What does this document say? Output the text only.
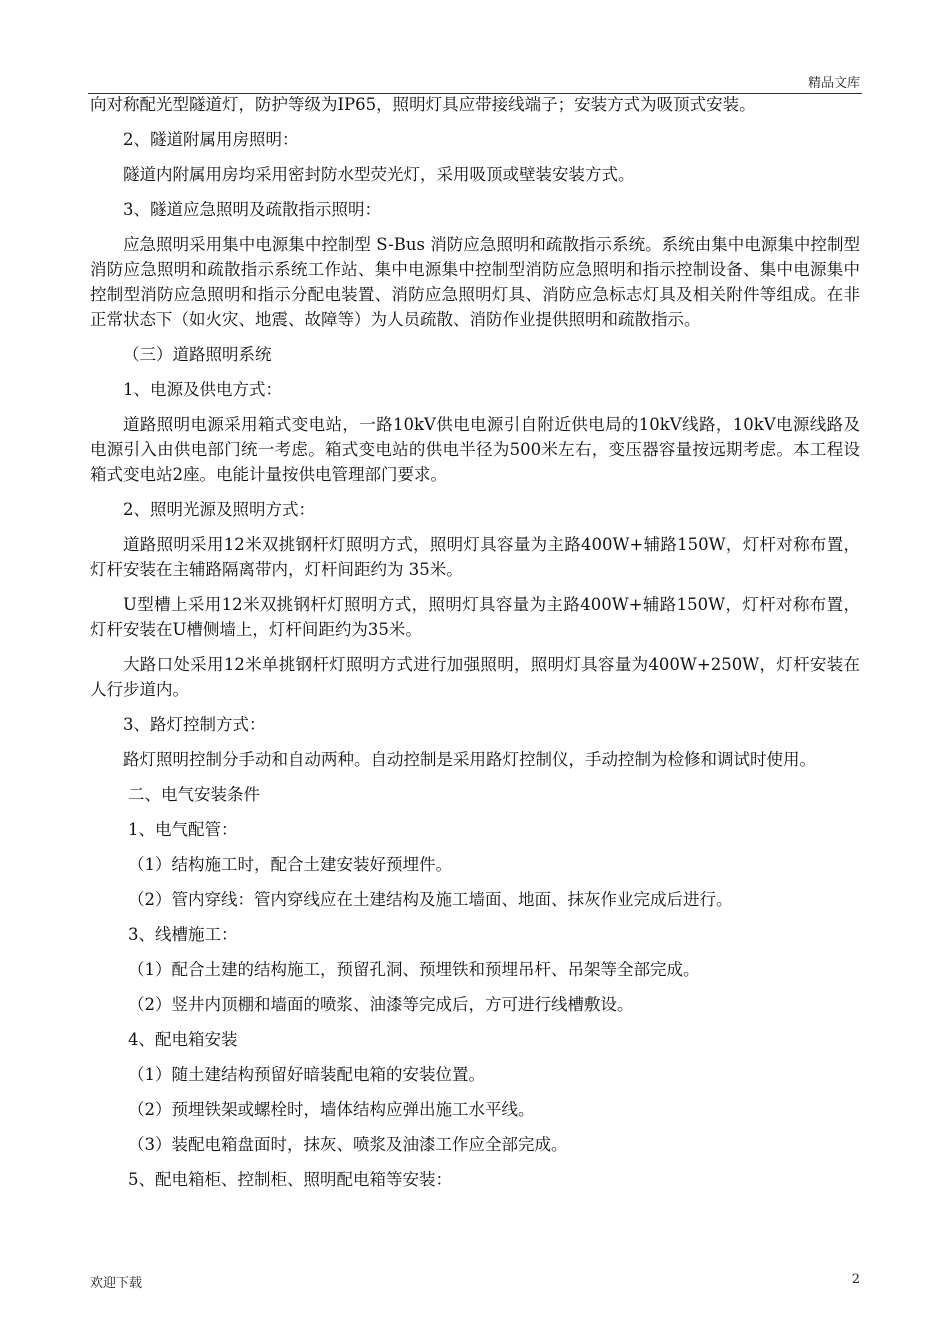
精品文库

向对称配光型隧道灯，防护等级为IP65，照明灯具应带接线端子；安装方式为吸顶式安装。

2、隧道附属用房照明：

隧道内附属用房均采用密封防水型荧光灯，采用吸顶或壁装安装方式。

3、隧道应急照明及疏散指示照明：

应急照明采用集中电源集中控制型 S-Bus 消防应急照明和疏散指示系统。系统由集中电源集中控制型消防应急照明和疏散指示系统工作站、集中电源集中控制型消防应急照明和指示控制设备、集中电源集中控制型消防应急照明和指示分配电装置、消防应急照明灯具、消防应急标志灯具及相关附件等组成。在非正常状态下（如火灾、地震、故障等）为人员疏散、消防作业提供照明和疏散指示。

（三）道路照明系统

1、电源及供电方式：

道路照明电源采用箱式变电站，一路10kV供电电源引自附近供电局的10kV线路，10kV电源线路及电源引入由供电部门统一考虑。箱式变电站的供电半径为500米左右，变压器容量按远期考虑。本工程设箱式变电站2座。电能计量按供电管理部门要求。

2、照明光源及照明方式：

道路照明采用12米双挑钢杆灯照明方式，照明灯具容量为主路400W+辅路150W，灯杆对称布置，灯杆安装在主辅路隔离带内，灯杆间距约为 35米。

U型槽上采用12米双挑钢杆灯照明方式，照明灯具容量为主路400W+辅路150W，灯杆对称布置，灯杆安装在U槽侧墙上，灯杆间距约为35米。

大路口处采用12米单挑钢杆灯照明方式进行加强照明，照明灯具容量为400W+250W，灯杆安装在人行步道内。

3、路灯控制方式：

路灯照明控制分手动和自动两种。自动控制是采用路灯控制仪，手动控制为检修和调试时使用。

二、电气安装条件

1、电气配管：

（1）结构施工时，配合土建安装好预埋件。

（2）管内穿线：管内穿线应在土建结构及施工墙面、地面、抹灰作业完成后进行。

3、线槽施工：

（1）配合土建的结构施工，预留孔洞、预埋铁和预埋吊杆、吊架等全部完成。

（2）竖井内顶棚和墙面的喷浆、油漆等完成后，方可进行线槽敷设。

4、配电箱安装

（1）随土建结构预留好暗装配电箱的安装位置。

（2）预埋铁架或螺栓时，墙体结构应弹出施工水平线。

（3）装配电箱盘面时，抹灰、喷浆及油漆工作应全部完成。

5、配电箱柜、控制柜、照明配电箱等安装：

欢迎下载	2
